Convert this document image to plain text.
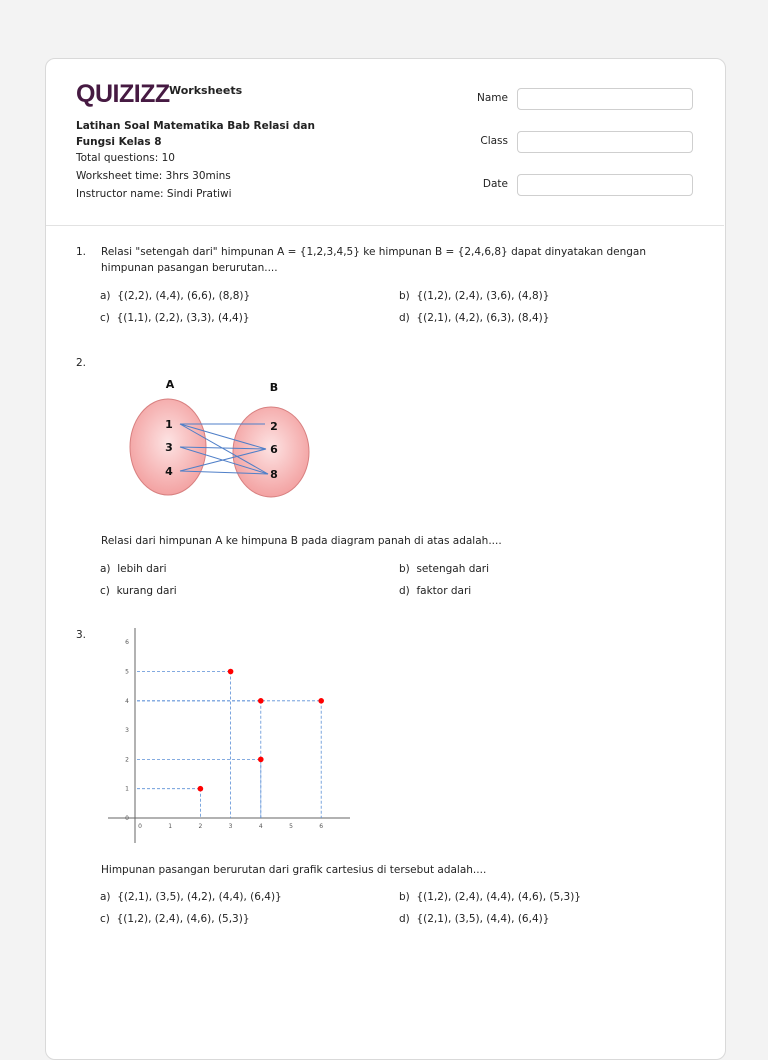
QUIZIZZ Worksheets
Latihan Soal Matematika Bab Relasi dan Fungsi Kelas 8
Total questions: 10
Worksheet time: 3hrs 30mins
Instructor name: Sindi Pratiwi
Name
Class
Date
1.	Relasi "setengah dari" himpunan A = {1,2,3,4,5} ke himpunan B = {2,4,6,8} dapat dinyatakan dengan himpunan pasangan berurutan....
a) {(2,2), (4,4), (6,6), (8,8)}	b) {(1,2), (2,4), (3,6), (4,8)}
c) {(1,1), (2,2), (3,3), (4,4)}	d) {(2,1), (4,2), (6,3), (8,4)}
2.
A	B
1
3
4
2
6
8
Relasi dari himpunan A ke himpuna B pada diagram panah di atas adalah....
a) lebih dari	b) setengah dari
c) kurang dari	d) faktor dari
3.
0	1	2	3	4	5	6
0
1
2
3
4
5
6
Himpunan pasangan berurutan dari grafik cartesius di tersebut adalah....
a) {(2,1), (3,5), (4,2), (4,4), (6,4)}	b) {(1,2), (2,4), (4,4), (4,6), (5,3)}
c) {(1,2), (2,4), (4,6), (5,3)}	d) {(2,1), (3,5), (4,4), (6,4)}
